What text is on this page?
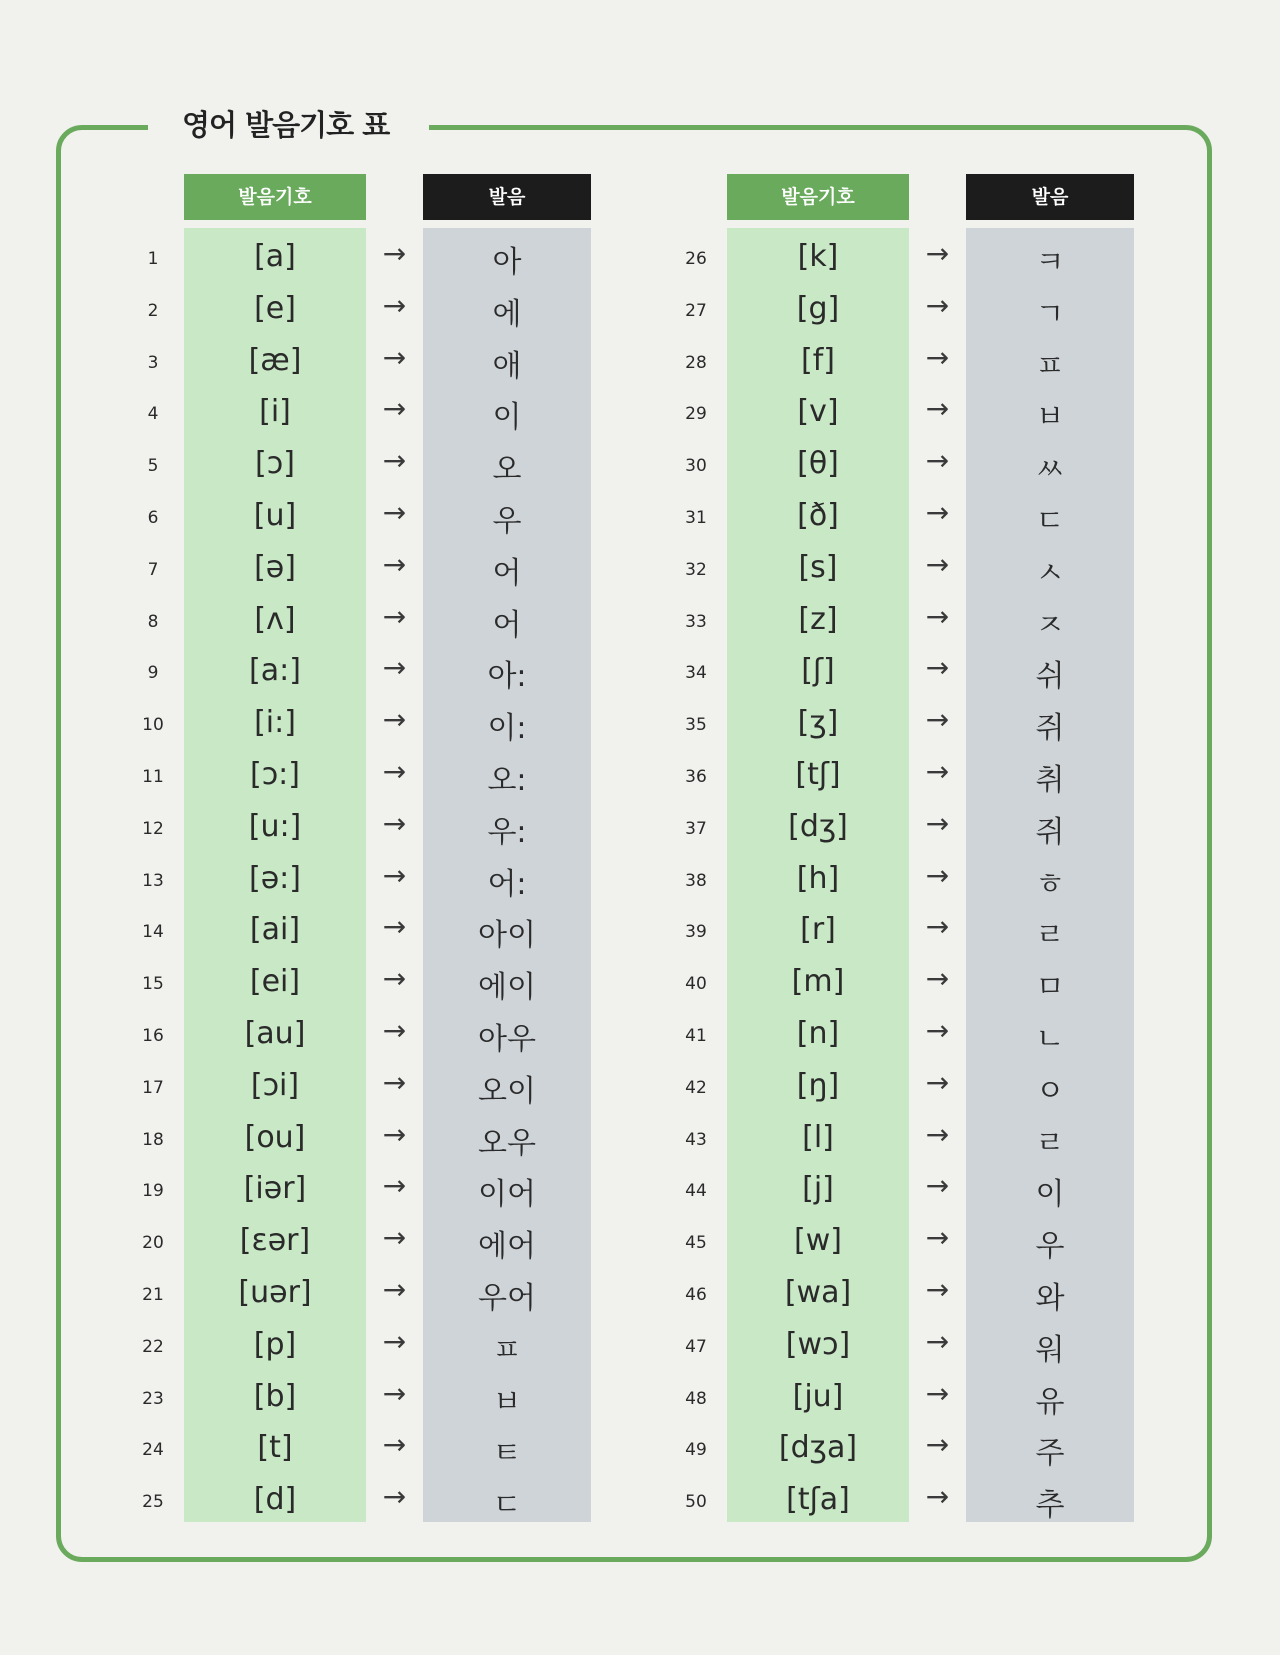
영어 발음기호 표
발음기호	발음	발음기호	발음
1	[a]	→	아
2	[e]	→	에
3	[æ]	→	애
4	[i]	→	이
5	[ɔ]	→	오
6	[u]	→	우
7	[ə]	→	어
8	[ʌ]	→	어
9	[a:]	→	아:
10	[i:]	→	이:
11	[ɔ:]	→	오:
12	[u:]	→	우:
13	[ə:]	→	어:
14	[ai]	→	아이
15	[ei]	→	에이
16	[au]	→	아우
17	[ɔi]	→	오이
18	[ou]	→	오우
19	[iər]	→	이어
20	[ɛər]	→	에어
21	[uər]	→	우어
22	[p]	→	ㅍ
23	[b]	→	ㅂ
24	[t]	→	ㅌ
25	[d]	→	ㄷ
26	[k]	→	ㅋ
27	[g]	→	ㄱ
28	[f]	→	ㅍ
29	[v]	→	ㅂ
30	[θ]	→	ㅆ
31	[ð]	→	ㄷ
32	[s]	→	ㅅ
33	[z]	→	ㅈ
34	[ʃ]	→	쉬
35	[ʒ]	→	쥐
36	[tʃ]	→	취
37	[dʒ]	→	쥐
38	[h]	→	ㅎ
39	[r]	→	ㄹ
40	[m]	→	ㅁ
41	[n]	→	ㄴ
42	[ŋ]	→	ㅇ
43	[l]	→	ㄹ
44	[j]	→	이
45	[w]	→	우
46	[wa]	→	와
47	[wɔ]	→	워
48	[ju]	→	유
49	[dʒa]	→	주
50	[tʃa]	→	추
